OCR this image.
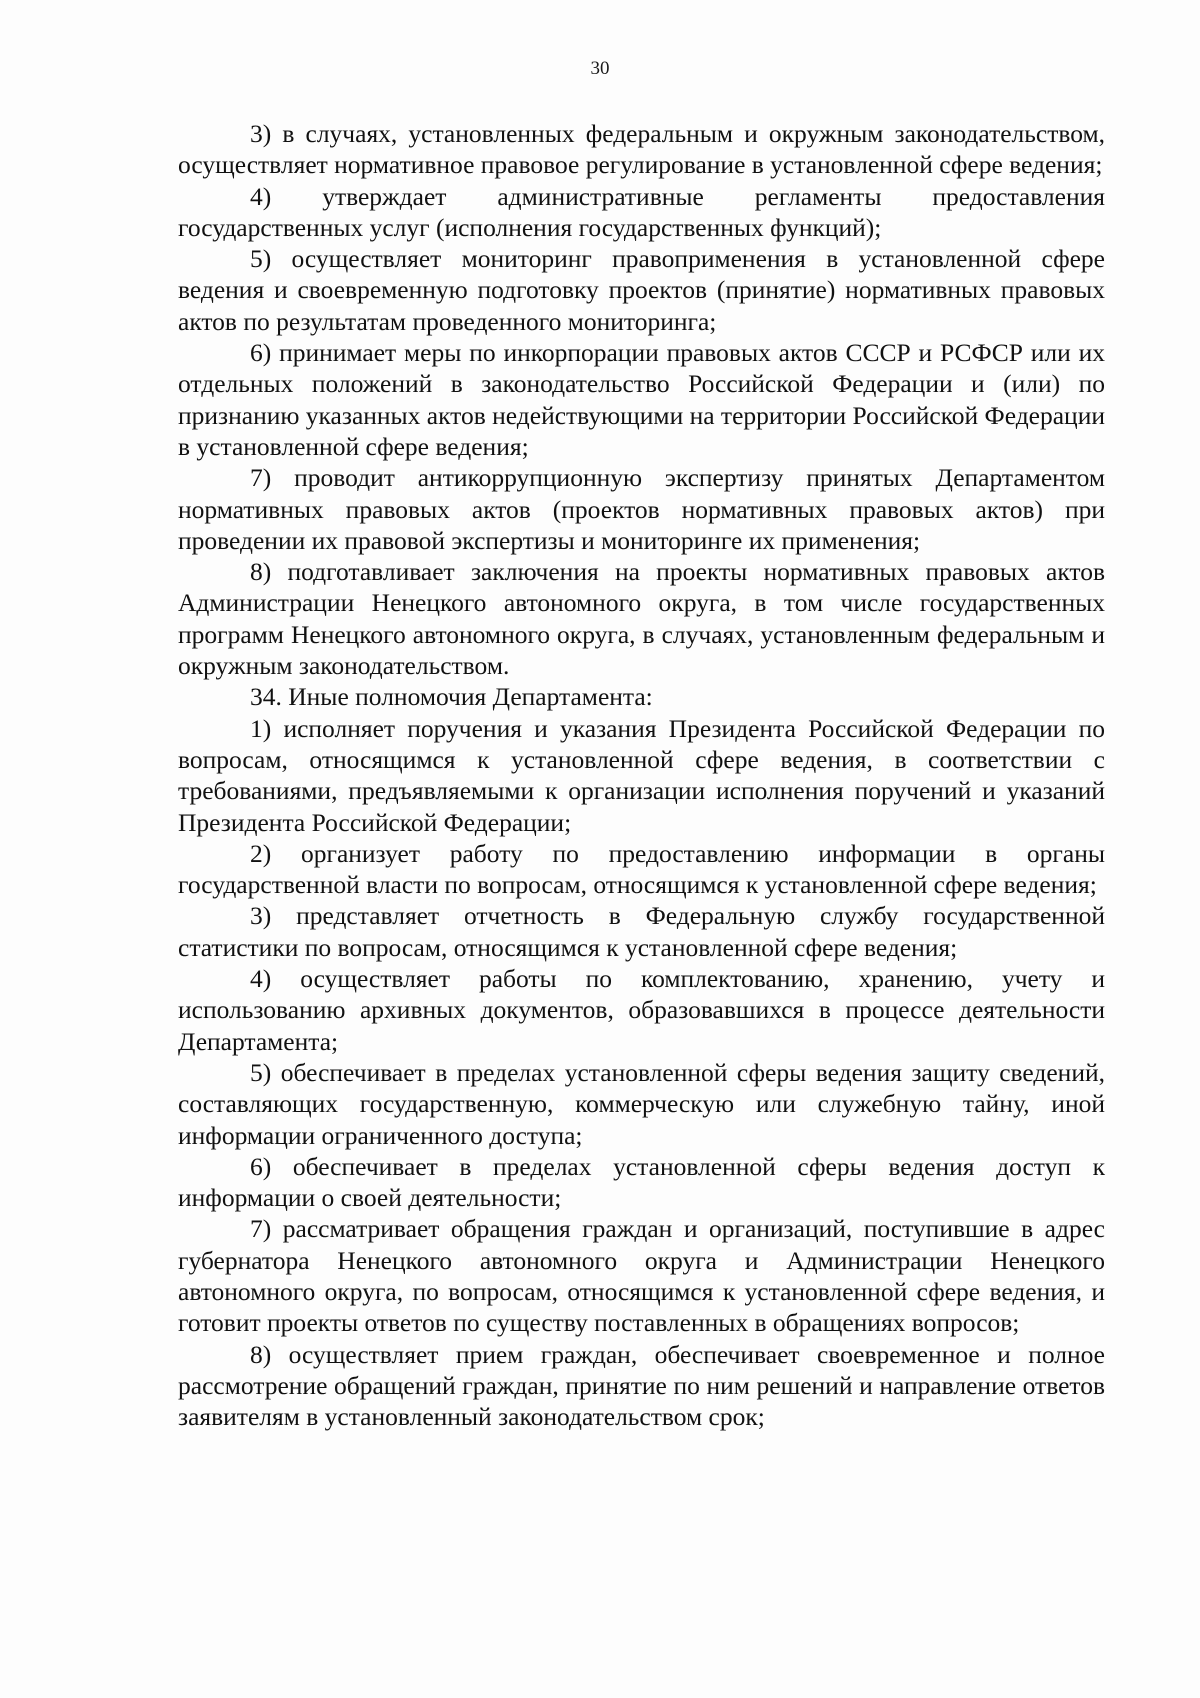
30

3) в случаях, установленных федеральным и окружным законодательством, осуществляет нормативное правовое регулирование в установленной сфере ведения;

4) утверждает административные регламенты предоставления государственных услуг (исполнения государственных функций);

5) осуществляет мониторинг правоприменения в установленной сфере ведения и своевременную подготовку проектов (принятие) нормативных правовых актов по результатам проведенного мониторинга;

6) принимает меры по инкорпорации правовых актов СССР и РСФСР или их отдельных положений в законодательство Российской Федерации и (или) по признанию указанных актов недействующими на территории Российской Федерации в установленной сфере ведения;

7) проводит антикоррупционную экспертизу принятых Департаментом нормативных правовых актов (проектов нормативных правовых актов) при проведении их правовой экспертизы и мониторинге их применения;

8) подготавливает заключения на проекты нормативных правовых актов Администрации Ненецкого автономного округа, в том числе государственных программ Ненецкого автономного округа, в случаях, установленным федеральным и окружным законодательством.

34. Иные полномочия Департамента:

1) исполняет поручения и указания Президента Российской Федерации по вопросам, относящимся к установленной сфере ведения, в соответствии с требованиями, предъявляемыми к организации исполнения поручений и указаний Президента Российской Федерации;

2) организует работу по предоставлению информации в органы государственной власти по вопросам, относящимся к установленной сфере ведения;

3) представляет отчетность в Федеральную службу государственной статистики по вопросам, относящимся к установленной сфере ведения;

4) осуществляет работы по комплектованию, хранению, учету и использованию архивных документов, образовавшихся в процессе деятельности Департамента;

5) обеспечивает в пределах установленной сферы ведения защиту сведений, составляющих государственную, коммерческую или служебную тайну, иной информации ограниченного доступа;

6) обеспечивает в пределах установленной сферы ведения доступ к информации о своей деятельности;

7) рассматривает обращения граждан и организаций, поступившие в адрес губернатора Ненецкого автономного округа и Администрации Ненецкого автономного округа, по вопросам, относящимся к установленной сфере ведения, и готовит проекты ответов по существу поставленных в обращениях вопросов;

8) осуществляет прием граждан, обеспечивает своевременное и полное рассмотрение обращений граждан, принятие по ним решений и направление ответов заявителям в установленный законодательством срок;
